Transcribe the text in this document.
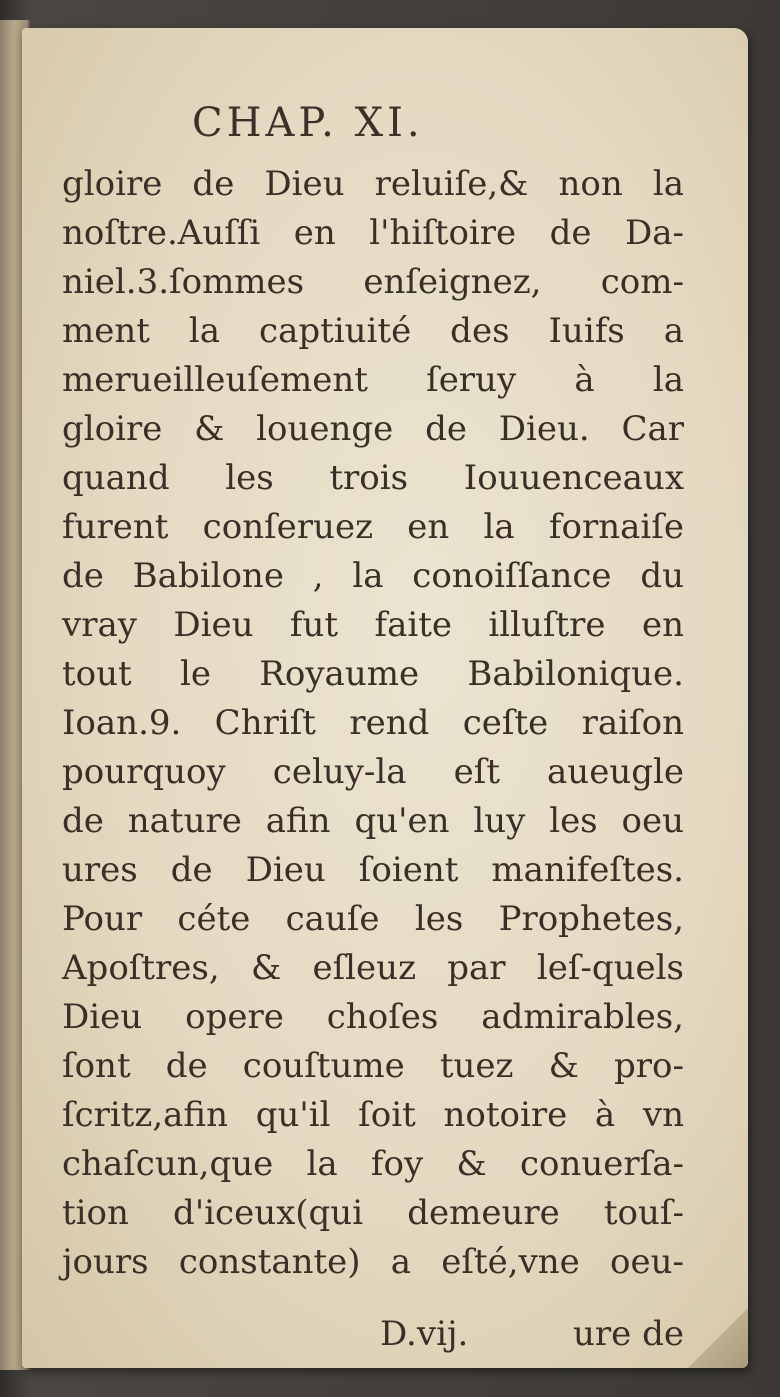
CHAP. XI.
gloire de Dieu reluiſe,& non la
noſtre.Auſſi en l'hiſtoire de Da-
niel.3.ſommes enſeignez, com-
ment la captiuité des Iuifs a
merueilleuſement ſeruy à la
gloire & louenge de Dieu. Car
quand les trois Iouuenceaux
furent conſeruez en la fornaiſe
de Babilone , la conoiſſance du
vray Dieu fut faite illuſtre en
tout le Royaume Babilonique.
Ioan.9. Chriſt rend ceſte raiſon
pourquoy celuy-la eſt aueugle
de nature afin qu'en luy les oeu
ures de Dieu ſoient manifeſtes.
Pour céte cauſe les Prophetes,
Apoſtres, & eſleuz par leſ-quels
Dieu opere choſes admirables,
ſont de couſtume tuez & pro-
ſcritz,afin qu'il ſoit notoire à vn
chaſcun,que la foy & conuerſa-
tion d'iceux(qui demeure touſ-
jours constante) a eſté,vne oeu-
D.vij.	ure de
